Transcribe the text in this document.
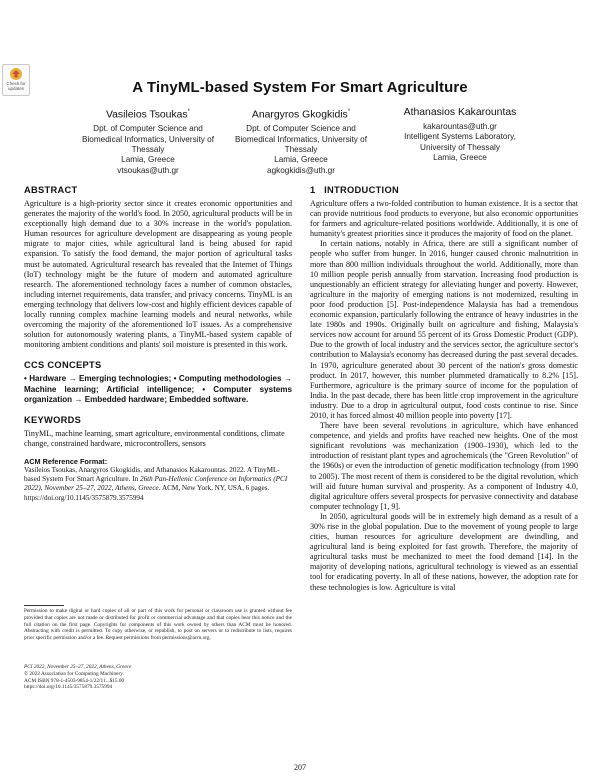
Check for updates	A TinyML-based System For Smart Agriculture
Vasileios Tsoukas*
Dpt. of Computer Science and
Biomedical Informatics, University of
Thessaly
Lamia, Greece
vtsoukas@uth.gr
Anargyros Gkogkidis*
Dpt. of Computer Science and
Biomedical Informatics, University of
Thessaly
Lamia, Greece
agkogkidis@uth.gr
Athanasios Kakarountas
kakarountas@uth.gr
Intelligent Systems Laboratory,
University of Thessaly
Lamia, Greece
ABSTRACT

Agriculture is a high-priority sector since it creates economic opportunities and generates the majority of the world's food. In 2050, agricultural products will be in exceptionally high demand due to a 30% increase in the world's population. Human resources for agriculture development are disappearing as young people migrate to major cities, while agricultural land is being abused for rapid expansion. To satisfy the food demand, the major portion of agricultural tasks must be automated. Agricultural research has revealed that the Internet of Things (IoT) technology might be the future of modern and automated agriculture research. The aforementioned technology faces a number of common obstacles, including internet requirements, data transfer, and privacy concerns. TinyML is an emerging technology that delivers low-cost and highly efficient devices capable of locally running complex machine learning models and neural networks, while overcoming the majority of the aforementioned IoT issues. As a comprehensive solution for autonomously watering plants, a TinyML-based system capable of monitoring ambient conditions and plants' soil moisture is presented in this work.

CCS CONCEPTS
• Hardware → Emerging technologies; • Computing methodologies → Machine learning; Artificial intelligence; • Computer systems organization → Embedded hardware; Embedded software.
KEYWORDS

TinyML, machine learning, smart agriculture, environmental conditions, climate change, constrained hardware, microcontrollers, sensors

ACM Reference Format:
Vasileios Tsoukas, Anargyros Gkogkidis, and Athanasios Kakarountas. 2022. A TinyML-based System For Smart Agriculture. In 26th Pan-Hellenic Conference on Informatics (PCI 2022), November 25–27, 2022, Athens, Greece. ACM, New York, NY, USA, 6 pages. https://doi.org/10.1145/3575879.3575994
Permission to make digital or hard copies of all or part of this work for personal or classroom use is granted without fee provided that copies are not made or distributed for profit or commercial advantage and that copies bear this notice and the full citation on the first page. Copyrights for components of this work owned by others than ACM must be honored. Abstracting with credit is permitted. To copy otherwise, or republish, to post on servers or to redistribute to lists, requires prior specific permission and/or a fee. Request permissions from permissions@acm.org.
PCI 2022, November 25–27, 2022, Athens, Greece
© 2022 Association for Computing Machinery.
ACM ISBN 978-1-4503-9854-1/22/11...$15.00
https://doi.org/10.1145/3575879.3575994
1   INTRODUCTION

Agriculture offers a two-folded contribution to human existence. It is a sector that can provide nutritious food products to everyone, but also economic opportunities for farmers and agriculture-related positions worldwide. Additionally, it is one of humanity's greatest priorities since it produces the majority of food on the planet.

In certain nations, notably in Africa, there are still a significant number of people who suffer from hunger. In 2016, hunger caused chronic malnutrition in more than 800 million individuals throughout the world. Additionally, more than 10 million people perish annually from starvation. Increasing food production is unquestionably an efficient strategy for alleviating hunger and poverty. However, agriculture in the majority of emerging nations is not modernized, resulting in poor food production [5]. Post-independence Malaysia has had a tremendous economic expansion, particularly following the entrance of heavy industries in the late 1980s and 1990s. Originally built on agriculture and fishing, Malaysia's services now account for around 55 percent of its Gross Domestic Product (GDP). Due to the growth of local industry and the services sector, the agriculture sector's contribution to Malaysia's economy has decreased during the past several decades. In 1970, agriculture generated about 30 percent of the nation's gross domestic product. In 2017, however, this number plummeted dramatically to 8.2% [15]. Furthermore, agriculture is the primary source of income for the population of India. In the past decade, there has been little crop improvement in the agriculture industry. Due to a drop in agricultural output, food costs continue to rise. Since 2010, it has forced almost 40 million people into poverty [17].

There have been several revolutions in agriculture, which have enhanced competence, and yields and profits have reached new heights. One of the most significant revolutions was mechanization (1900–1930), which led to the introduction of resistant plant types and agrochemicals (the "Green Revolution" of the 1960s) or even the introduction of genetic modification technology (from 1990 to 2005). The most recent of them is considered to be the digital revolution, which will aid future human survival and prosperity. As a component of Industry 4.0, digital agriculture offers several prospects for pervasive connectivity and database computer technology [1, 9].

In 2050, agricultural goods will be in extremely high demand as a result of a 30% rise in the global population. Due to the movement of young people to large cities, human resources for agriculture development are dwindling, and agricultural land is being exploited for fast growth. Therefore, the majority of agricultural tasks must be mechanized to meet the food demand [14]. In the majority of developing nations, agricultural technology is viewed as an essential tool for eradicating poverty. In all of these nations, however, the adoption rate for these technologies is low. Agriculture is vital

207
